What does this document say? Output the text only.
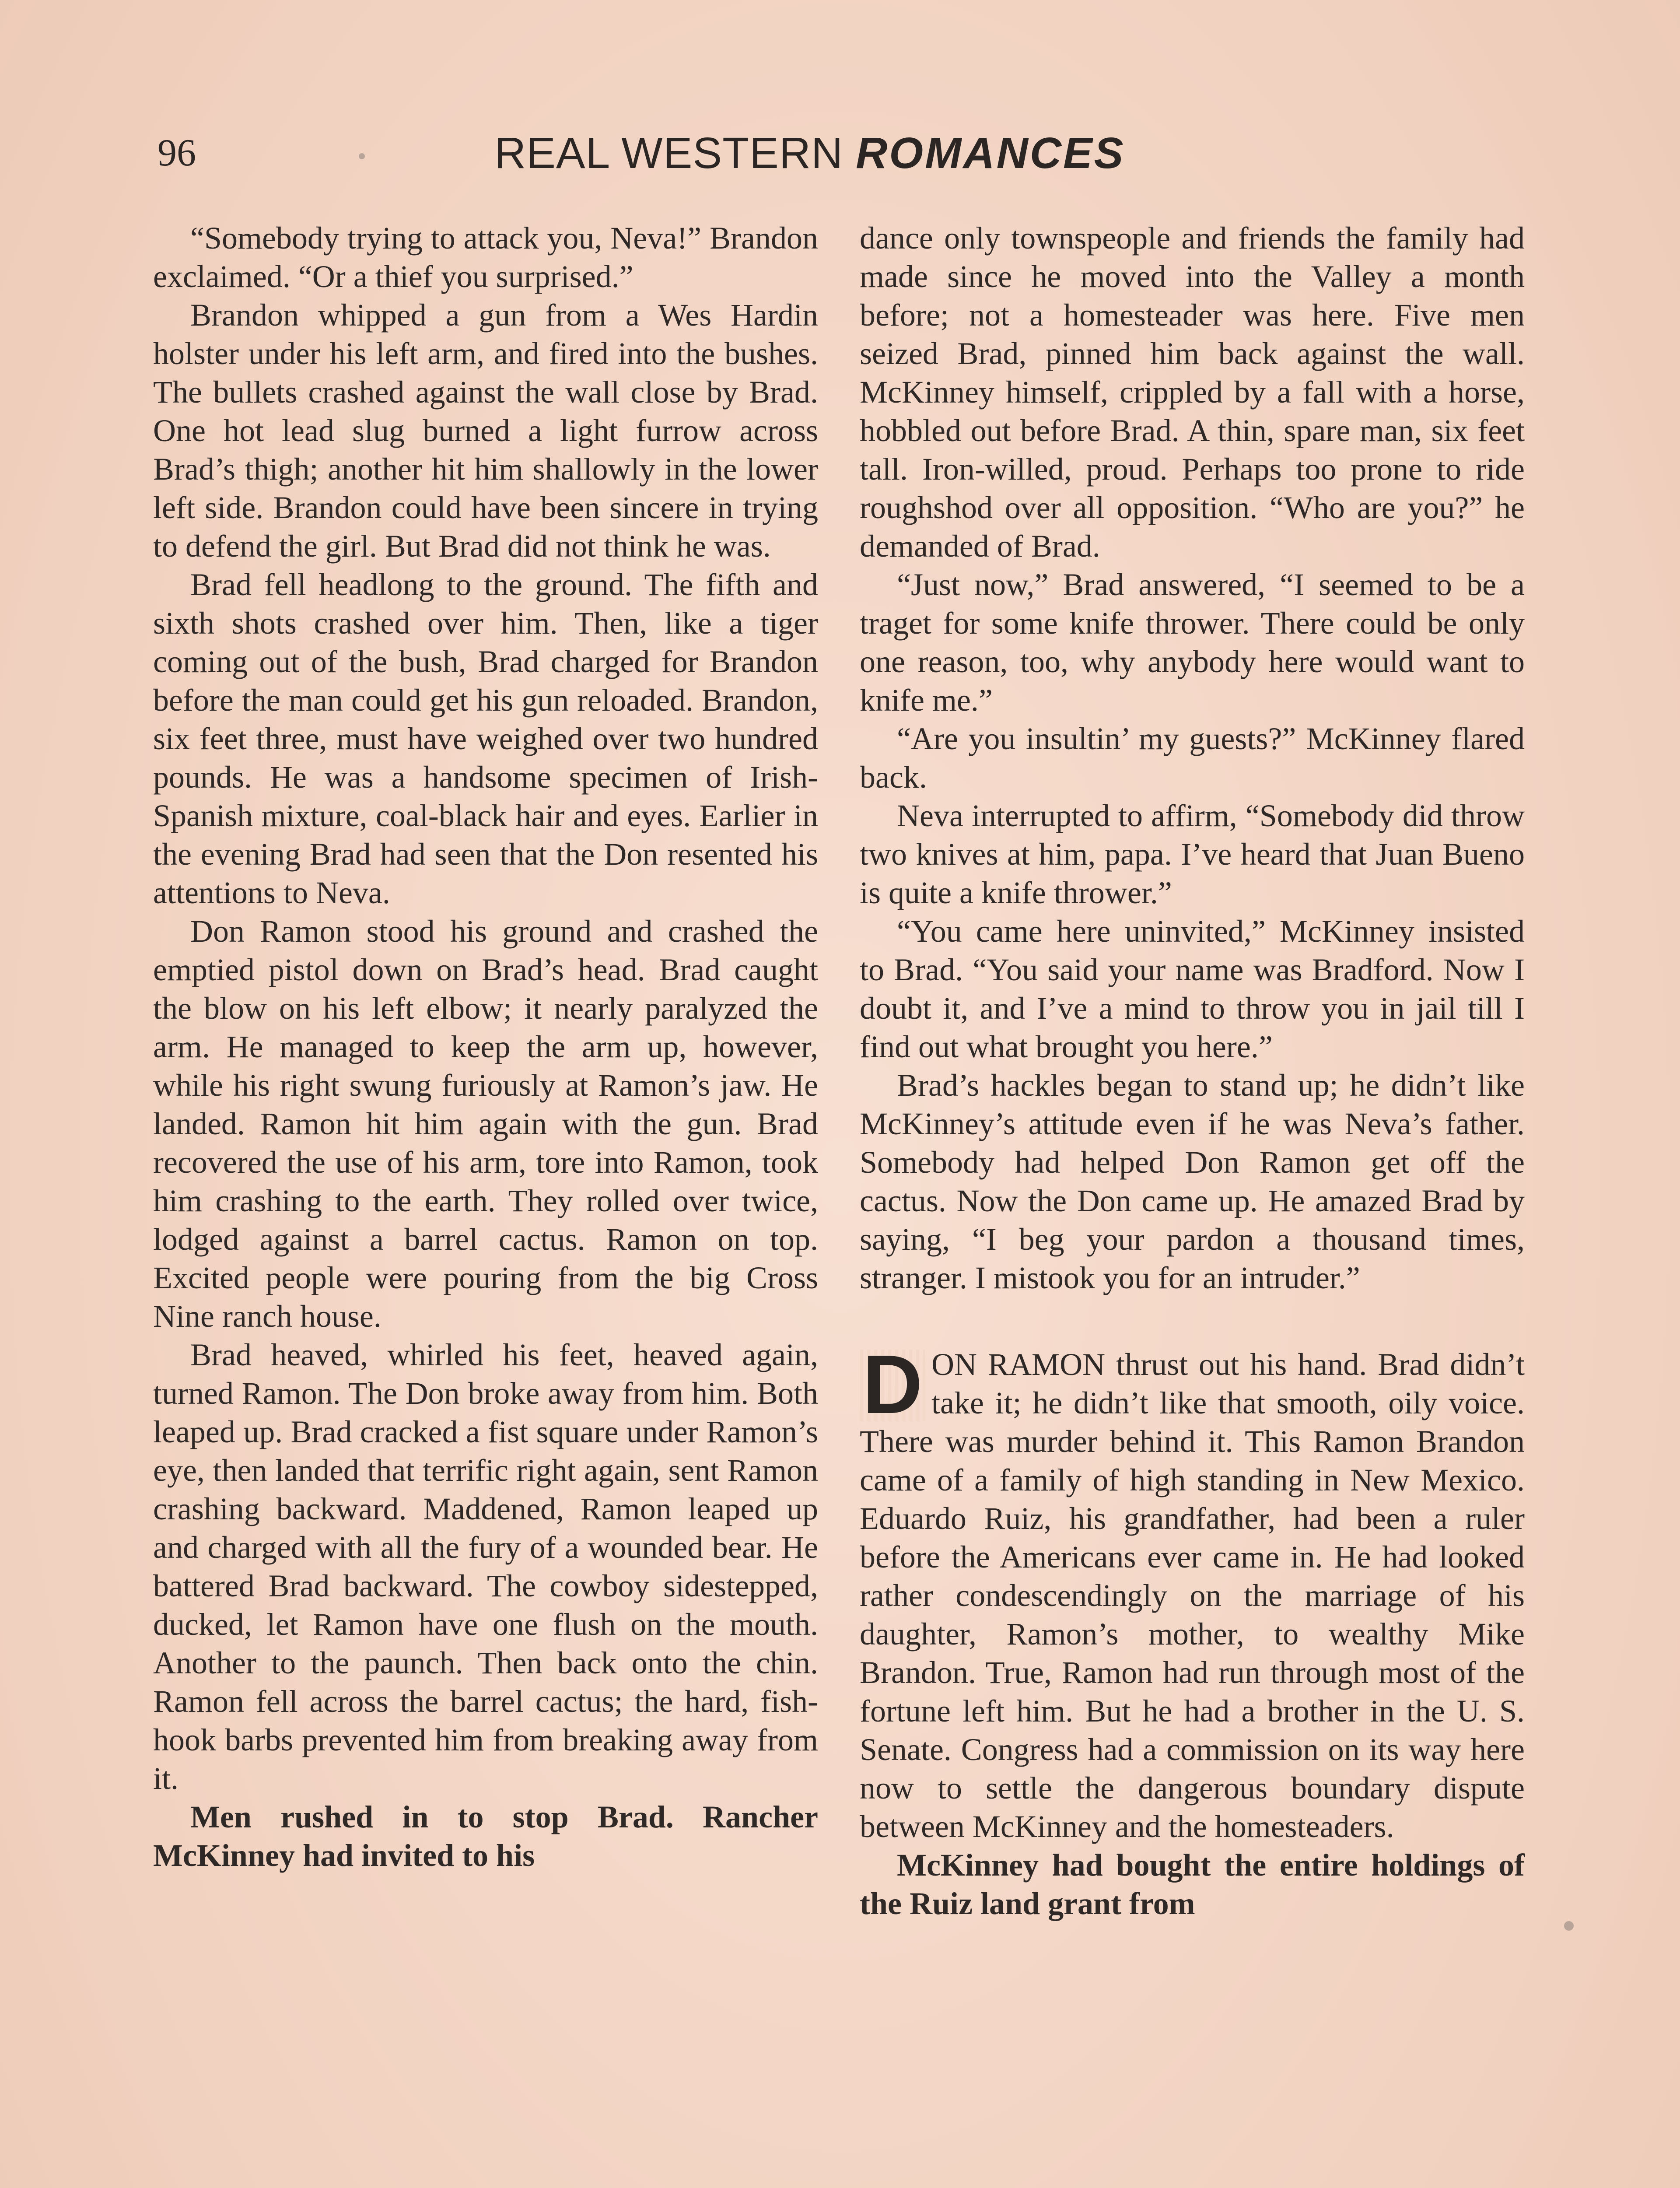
96	REAL WESTERN ROMANCES

“Somebody trying to attack you, Neva!” Brandon exclaimed. “Or a thief you surprised.”

Brandon whipped a gun from a Wes Hardin holster under his left arm, and fired into the bushes. The bullets crashed against the wall close by Brad. One hot lead slug burned a light furrow across Brad’s thigh; another hit him shallowly in the lower left side. Brandon could have been sincere in trying to defend the girl. But Brad did not think he was.

Brad fell headlong to the ground. The fifth and sixth shots crashed over him. Then, like a tiger coming out of the bush, Brad charged for Brandon before the man could get his gun reloaded. Brandon, six feet three, must have weighed over two hundred pounds. He was a handsome specimen of Irish-Spanish mixture, coal-black hair and eyes. Earlier in the evening Brad had seen that the Don resented his attentions to Neva.

Don Ramon stood his ground and crashed the emptied pistol down on Brad’s head. Brad caught the blow on his left elbow; it nearly paralyzed the arm. He managed to keep the arm up, however, while his right swung furiously at Ramon’s jaw. He landed. Ramon hit him again with the gun. Brad recovered the use of his arm, tore into Ramon, took him crashing to the earth. They rolled over twice, lodged against a barrel cactus. Ramon on top. Excited people were pouring from the big Cross Nine ranch house.

Brad heaved, whirled his feet, heaved again, turned Ramon. The Don broke away from him. Both leaped up. Brad cracked a fist square under Ramon’s eye, then landed that terrific right again, sent Ramon crashing backward. Maddened, Ramon leaped up and charged with all the fury of a wounded bear. He battered Brad backward. The cowboy sidestepped, ducked, let Ramon have one flush on the mouth. Another to the paunch. Then back onto the chin. Ramon fell across the barrel cactus; the hard, fish-hook barbs prevented him from breaking away from it.

Men rushed in to stop Brad. Rancher McKinney had invited to his

dance only townspeople and friends the family had made since he moved into the Valley a month before; not a homesteader was here. Five men seized Brad, pinned him back against the wall. McKinney himself, crippled by a fall with a horse, hobbled out before Brad. A thin, spare man, six feet tall. Iron-willed, proud. Perhaps too prone to ride roughshod over all opposition. “Who are you?” he demanded of Brad.

“Just now,” Brad answered, “I seemed to be a traget for some knife thrower. There could be only one reason, too, why anybody here would want to knife me.”

“Are you insultin’ my guests?” McKinney flared back.

Neva interrupted to affirm, “Somebody did throw two knives at him, papa. I’ve heard that Juan Bueno is quite a knife thrower.”

“You came here uninvited,” McKinney insisted to Brad. “You said your name was Bradford. Now I doubt it, and I’ve a mind to throw you in jail till I find out what brought you here.”

Brad’s hackles began to stand up; he didn’t like McKinney’s attitude even if he was Neva’s father. Somebody had helped Don Ramon get off the cactus. Now the Don came up. He amazed Brad by saying, “I beg your pardon a thousand times, stranger. I mistook you for an intruder.”

D ON RAMON thrust out his hand. Brad didn’t take it; he didn’t like that smooth, oily voice. There was murder behind it. This Ramon Brandon came of a family of high standing in New Mexico. Eduardo Ruiz, his grandfather, had been a ruler before the Americans ever came in. He had looked rather condescendingly on the marriage of his daughter, Ramon’s mother, to wealthy Mike Brandon. True, Ramon had run through most of the fortune left him. But he had a brother in the U. S. Senate. Congress had a commission on its way here now to settle the dangerous boundary dispute between McKinney and the homesteaders.

McKinney had bought the entire holdings of the Ruiz land grant from
